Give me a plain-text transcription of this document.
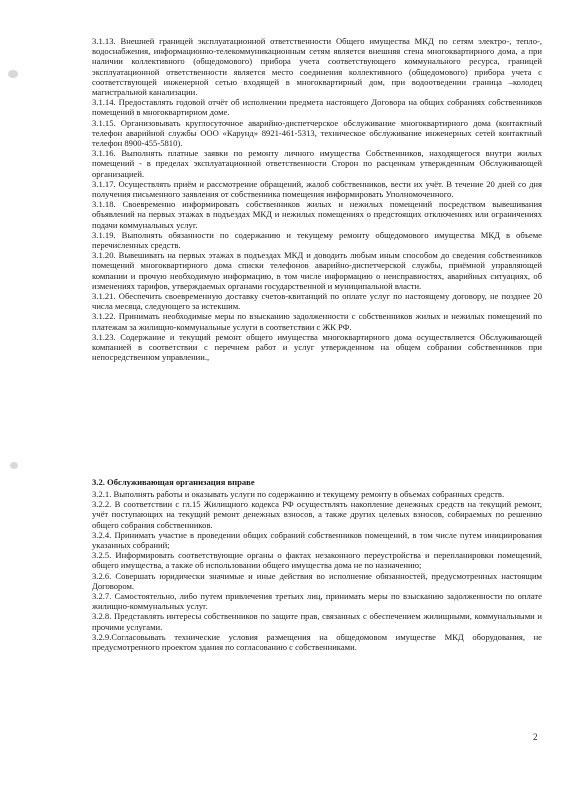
3.1.13. Внешней границей эксплуатационной ответственности Общего имущества МКД по сетям электро-, тепло-, водоснабжения, информационно-телекоммуникационным сетям является внешняя стена многоквартирного дома, а при наличии коллективного (общедомового) прибора учета соответствующего коммунального ресурса, границей эксплуатационной ответственности является место соединения коллективного (общедомового) прибора учета с соответствующей инженерной сетью входящей в многоквартирный дом, при водоотведении граница –колодец магистральной канализации.
3.1.14. Предоставлять годовой отчёт об исполнении предмета настоящего Договора на общих собраниях собственников помещений в многоквартирном доме.
3.1.15. Организовывать круглосуточное аварийно-диспетчерское обслуживание многоквартирного дома (контактный телефон аварийной службы ООО «Карунд» 8921-461-5313, техническое обслуживание инженерных сетей контактный телефон 8900-455-5810).
3.1.16. Выполнять платные заявки по ремонту личного имущества Собственников, находящегося внутри жилых помещений - в пределах эксплуатационной ответственности Сторон по расценкам утвержденным Обслуживающей организацией.
3.1.17. Осуществлять приём и рассмотрение обращений, жалоб собственников, вести их учёт. В течение 20 дней со дня получения письменного заявления от собственника помещения информировать Уполномоченного.
3.1.18. Своевременно информировать собственников жилых и нежилых помещений посредством вывешивания объявлений на первых этажах в подъездах МКД и нежилых помещениях о предстоящих отключениях или ограничениях подачи коммунальных услуг.
3.1.19. Выполнять обязанности по содержанию и текущему ремонту общедомового имущества МКД в объеме перечисленных средств.
3.1.20. Вывешивать на первых этажах в подъездах МКД и доводить любым иным способом до сведения собственников помещений многоквартирного дома списки телефонов аварийно-диспетчерской службы, приёмной управляющей компании и прочую необходимую информацию, в том числе информацию о неисправностях, аварийных ситуациях, об изменениях тарифов, утверждаемых органами государственной и муниципальной власти.
3.1.21. Обеспечить своевременную доставку счетов-квитанций по оплате услуг по настоящему договору, не позднее 20 числа месяца, следующего за истекшим.
3.1.22. Принимать необходимые меры по взысканию задолженности с собственников жилых и нежилых помещений по платежам за жилищно-коммунальные услуги в соответствии с ЖК РФ.
3.1.23. Содержание и текущий ремонт общего имущества многоквартирного дома осуществляется Обслуживающей компанией в соответствии с перечнем работ и услуг утвержденном на общем собрании собственников при непосредственном управлении.,
3.2. Обслуживающая организация вправе
3.2.1. Выполнять работы и оказывать услуги по содержанию и текущему ремонту в объемах собранных средств.
3.2.2. В соответствии с гл.15 Жилищного кодекса РФ осуществлять накопление денежных средств на текущий ремонт, учёт поступающих на текущий ремонт денежных взносов, а также других целевых взносов, собираемых по решению общего собрания собственников.
3.2.4. Принимать участие в проведении общих собраний собственников помещений, в том числе путем инициирования указанных собраний;
3.2.5. Информировать соответствующие органы о фактах незаконного переустройства и перепланировки помещений, общего имущества, а также об использовании общего имущества дома не по назначению;
3.2.6. Совершать юридически значимые и иные действия во исполнение обязанностей, предусмотренных настоящим Договором.
3.2.7. Самостоятельно, либо путем привлечения третьих лиц, принимать меры по взысканию задолженности по оплате жилищно-коммунальных услуг.
3.2.8. Представлять интересы собственников по защите прав, связанных с обеспечением жилищными, коммунальными и прочими услугами.
3.2.9.Согласовывать технические условия размещения на общедомовом имуществе МКД оборудования, не предусмотренного проектом здания по согласованию с собственниками.
2
